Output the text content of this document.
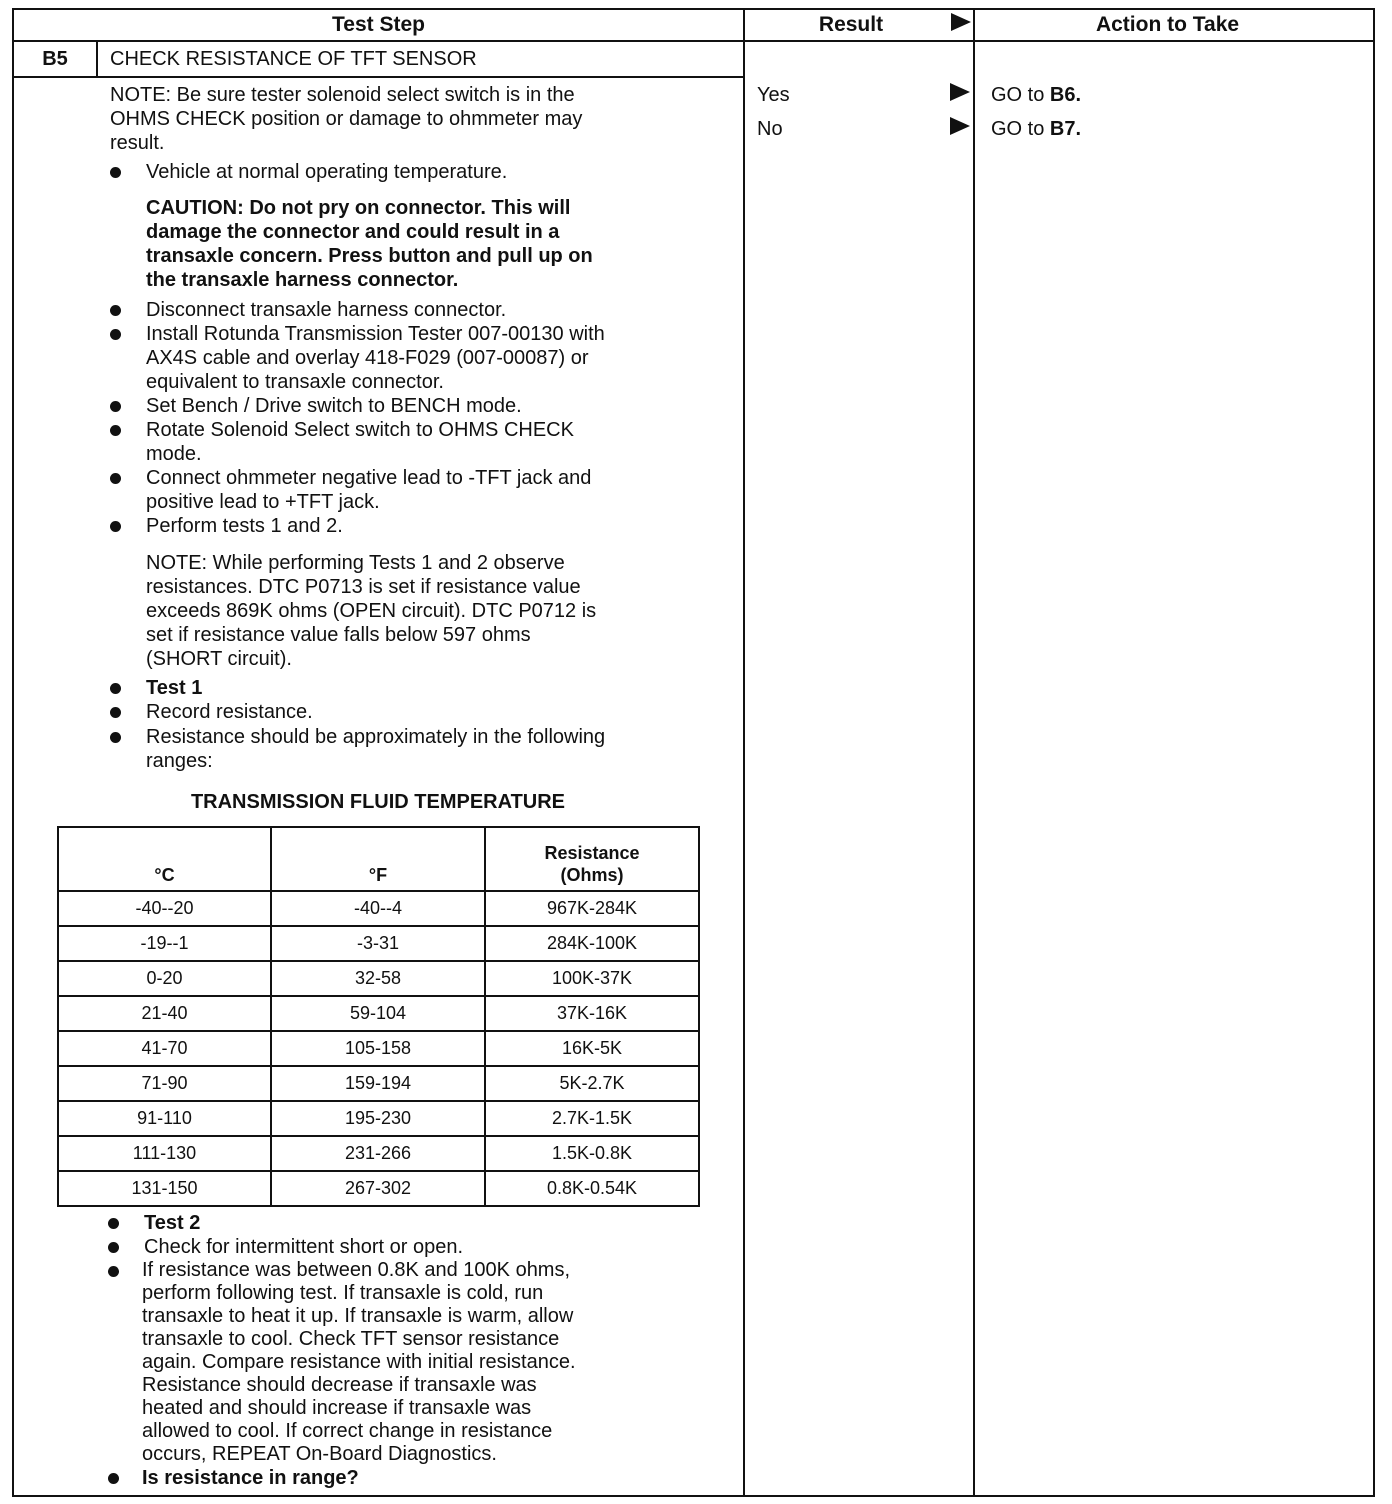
Test Step	Result	Action to Take
B5	CHECK RESISTANCE OF TFT SENSOR
Yes	GO to B6.
No	GO to B7.
NOTE: Be sure tester solenoid select switch is in the
OHMS CHECK position or damage to ohmmeter may
result.
Vehicle at normal operating temperature.
CAUTION: Do not pry on connector. This will
damage the connector and could result in a
transaxle concern. Press button and pull up on
the transaxle harness connector.
Disconnect transaxle harness connector.
Install Rotunda Transmission Tester 007-00130 with
AX4S cable and overlay 418-F029 (007-00087) or
equivalent to transaxle connector.
Set Bench / Drive switch to BENCH mode.
Rotate Solenoid Select switch to OHMS CHECK
mode.
Connect ohmmeter negative lead to -TFT jack and
positive lead to +TFT jack.
Perform tests 1 and 2.
NOTE: While performing Tests 1 and 2 observe
resistances. DTC P0713 is set if resistance value
exceeds 869K ohms (OPEN circuit). DTC P0712 is
set if resistance value falls below 597 ohms
(SHORT circuit).
Test 1
Record resistance.
Resistance should be approximately in the following
ranges:
TRANSMISSION FLUID TEMPERATURE
°C	°F	Resistance
(Ohms)

-40--20	-40--4	967K-284K
-19--1	-3-31	284K-100K
0-20	32-58	100K-37K
21-40	59-104	37K-16K
41-70	105-158	16K-5K
71-90	159-194	5K-2.7K
91-110	195-230	2.7K-1.5K
111-130	231-266	1.5K-0.8K
131-150	267-302	0.8K-0.54K
Test 2
Check for intermittent short or open.
If resistance was between 0.8K and 100K ohms,
perform following test. If transaxle is cold, run
transaxle to heat it up. If transaxle is warm, allow
transaxle to cool. Check TFT sensor resistance
again. Compare resistance with initial resistance.
Resistance should decrease if transaxle was
heated and should increase if transaxle was
allowed to cool. If correct change in resistance
occurs, REPEAT On-Board Diagnostics.
Is resistance in range?
